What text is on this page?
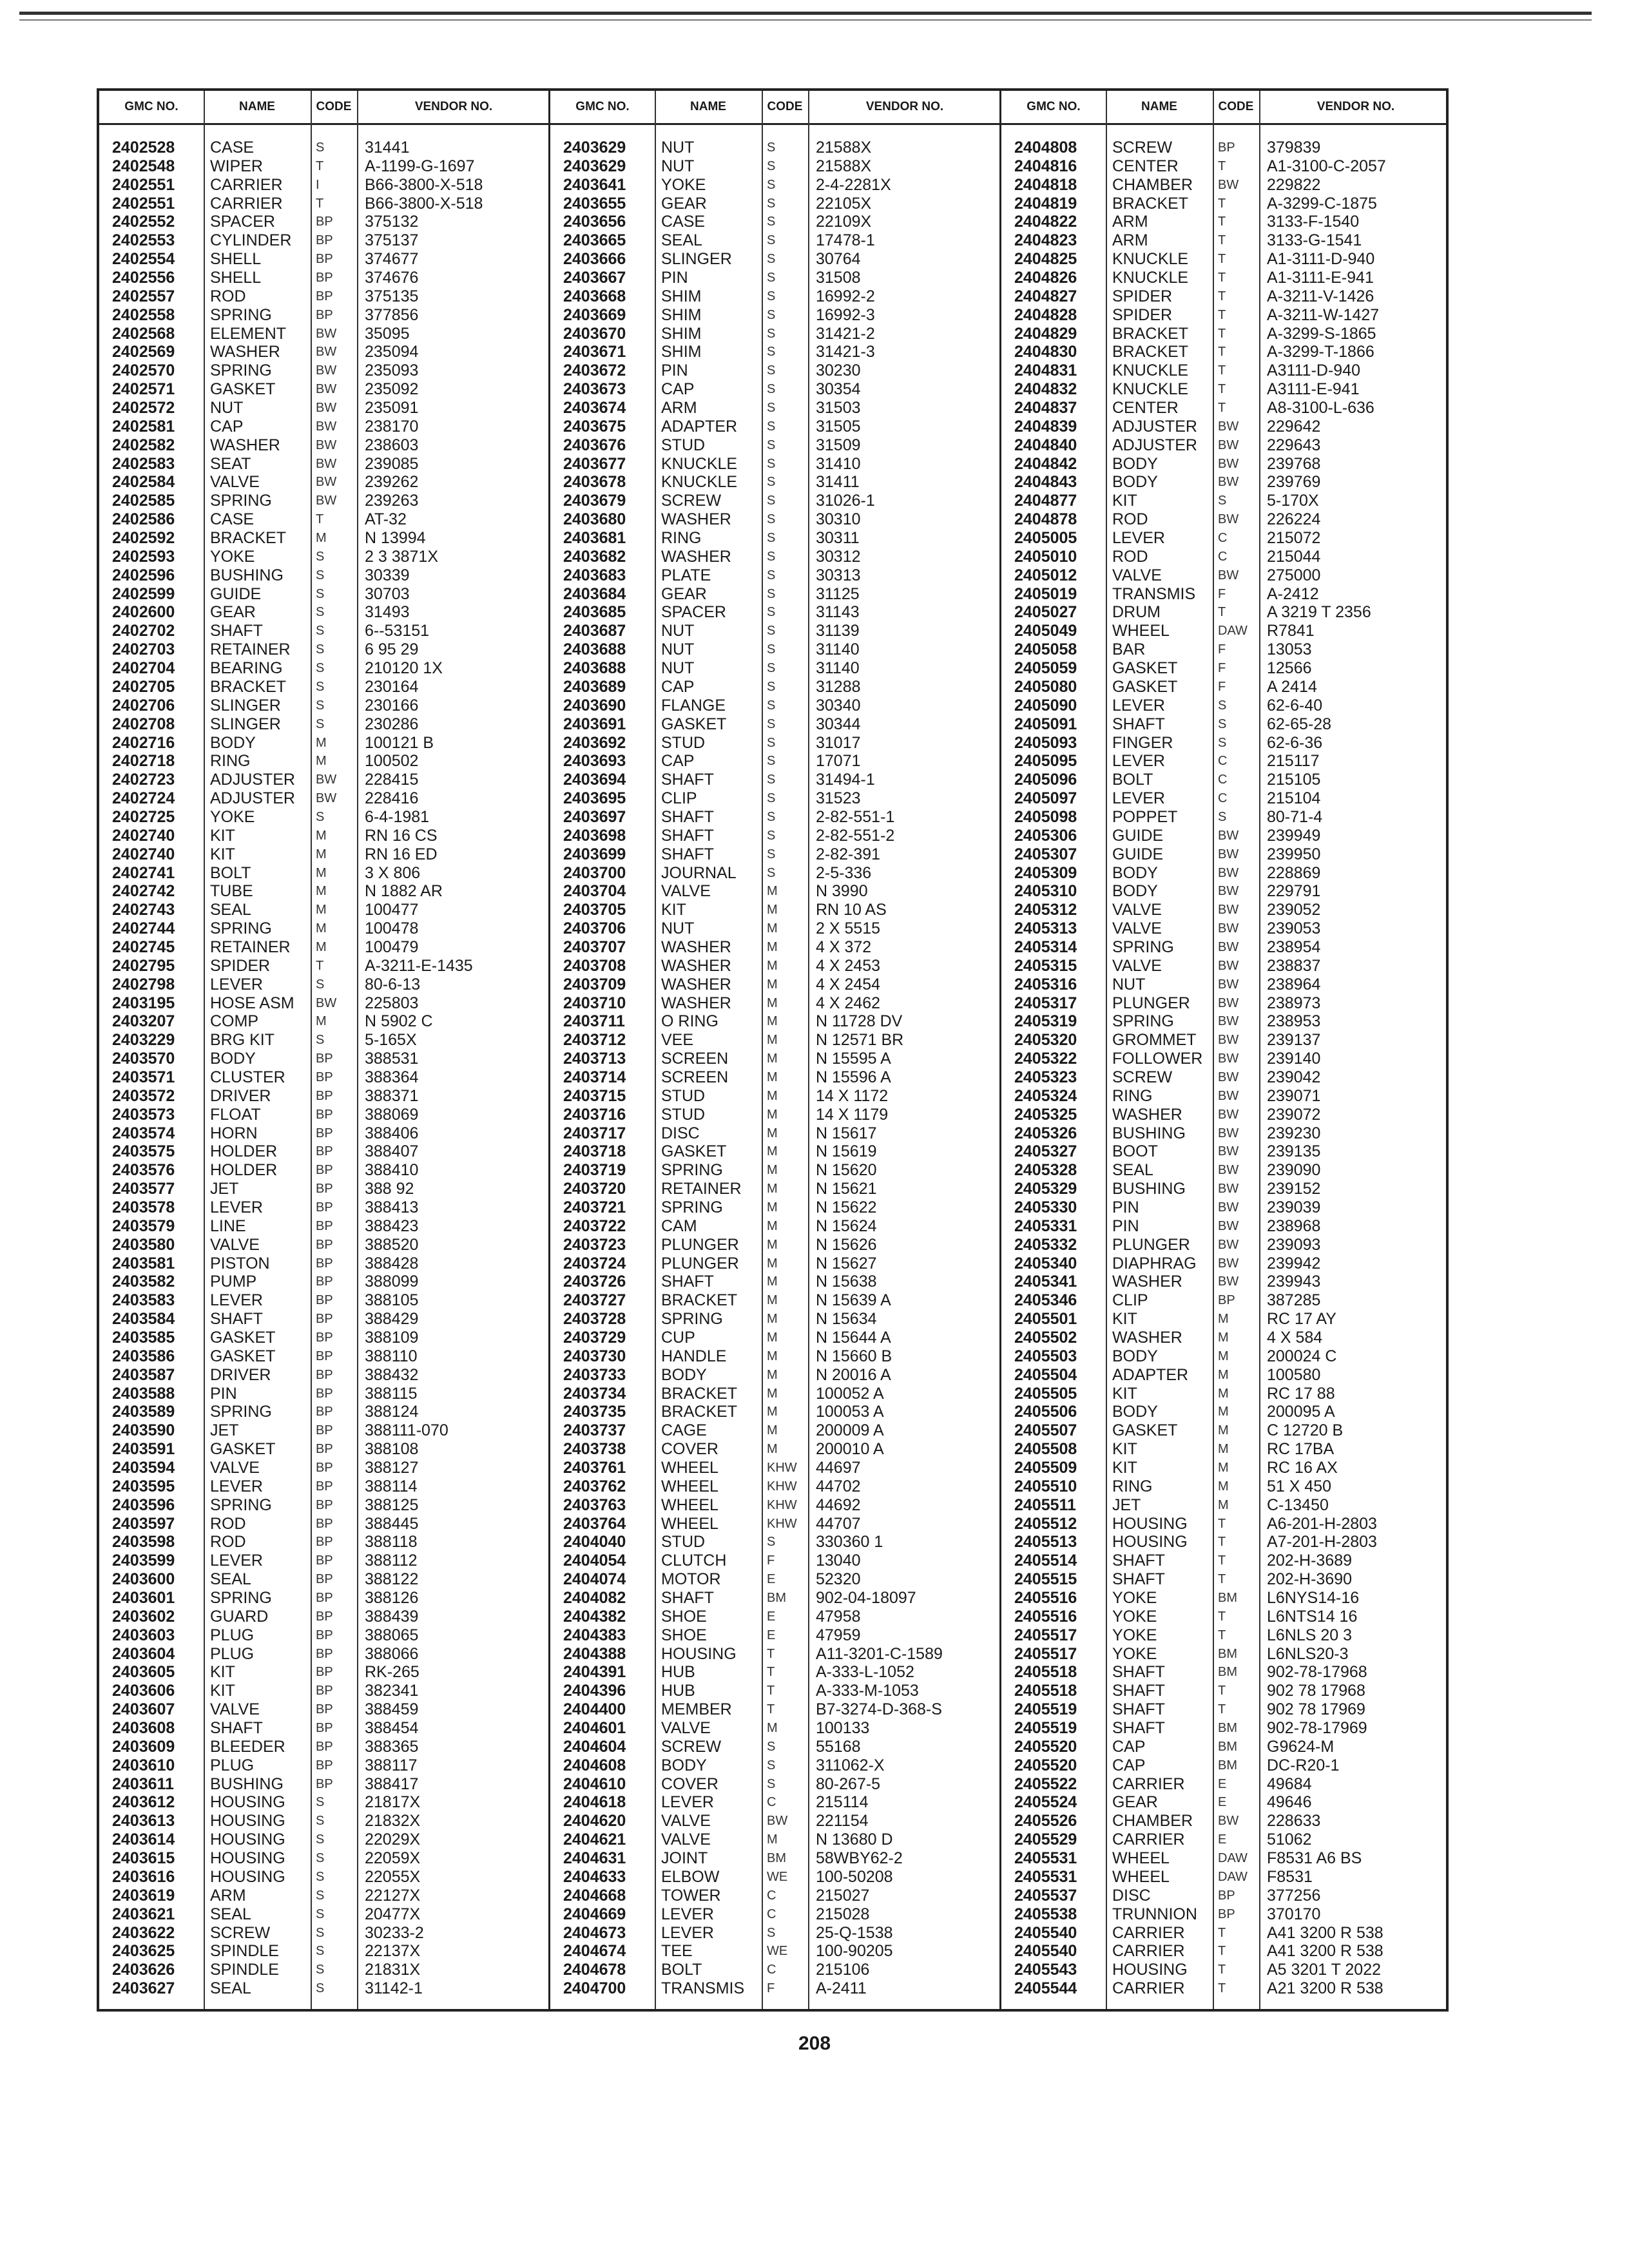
GMC NO.	NAME	CODE	VENDOR NO.
2402528	CASE	S	31441
2402548	WIPER	T	A-1199-G-1697
2402551	CARRIER	I	B66-3800-X-518
2402551	CARRIER	T	B66-3800-X-518
2402552	SPACER	BP	375132
2402553	CYLINDER	BP	375137
2402554	SHELL	BP	374677
2402556	SHELL	BP	374676
2402557	ROD	BP	375135
2402558	SPRING	BP	377856
2402568	ELEMENT	BW	35095
2402569	WASHER	BW	235094
2402570	SPRING	BW	235093
2402571	GASKET	BW	235092
2402572	NUT	BW	235091
2402581	CAP	BW	238170
2402582	WASHER	BW	238603
2402583	SEAT	BW	239085
2402584	VALVE	BW	239262
2402585	SPRING	BW	239263
2402586	CASE	T	AT-32
2402592	BRACKET	M	N 13994
2402593	YOKE	S	2 3 3871X
2402596	BUSHING	S	30339
2402599	GUIDE	S	30703
2402600	GEAR	S	31493
2402702	SHAFT	S	6--53151
2402703	RETAINER	S	6 95 29
2402704	BEARING	S	210120 1X
2402705	BRACKET	S	230164
2402706	SLINGER	S	230166
2402708	SLINGER	S	230286
2402716	BODY	M	100121 B
2402718	RING	M	100502
2402723	ADJUSTER	BW	228415
2402724	ADJUSTER	BW	228416
2402725	YOKE	S	6-4-1981
2402740	KIT	M	RN 16 CS
2402740	KIT	M	RN 16 ED
2402741	BOLT	M	3 X 806
2402742	TUBE	M	N 1882 AR
2402743	SEAL	M	100477
2402744	SPRING	M	100478
2402745	RETAINER	M	100479
2402795	SPIDER	T	A-3211-E-1435
2402798	LEVER	S	80-6-13
2403195	HOSE ASM	BW	225803
2403207	COMP	M	N 5902 C
2403229	BRG KIT	S	5-165X
2403570	BODY	BP	388531
2403571	CLUSTER	BP	388364
2403572	DRIVER	BP	388371
2403573	FLOAT	BP	388069
2403574	HORN	BP	388406
2403575	HOLDER	BP	388407
2403576	HOLDER	BP	388410
2403577	JET	BP	388 92
2403578	LEVER	BP	388413
2403579	LINE	BP	388423
2403580	VALVE	BP	388520
2403581	PISTON	BP	388428
2403582	PUMP	BP	388099
2403583	LEVER	BP	388105
2403584	SHAFT	BP	388429
2403585	GASKET	BP	388109
2403586	GASKET	BP	388110
2403587	DRIVER	BP	388432
2403588	PIN	BP	388115
2403589	SPRING	BP	388124
2403590	JET	BP	388111-070
2403591	GASKET	BP	388108
2403594	VALVE	BP	388127
2403595	LEVER	BP	388114
2403596	SPRING	BP	388125
2403597	ROD	BP	388445
2403598	ROD	BP	388118
2403599	LEVER	BP	388112
2403600	SEAL	BP	388122
2403601	SPRING	BP	388126
2403602	GUARD	BP	388439
2403603	PLUG	BP	388065
2403604	PLUG	BP	388066
2403605	KIT	BP	RK-265
2403606	KIT	BP	382341
2403607	VALVE	BP	388459
2403608	SHAFT	BP	388454
2403609	BLEEDER	BP	388365
2403610	PLUG	BP	388117
2403611	BUSHING	BP	388417
2403612	HOUSING	S	21817X
2403613	HOUSING	S	21832X
2403614	HOUSING	S	22029X
2403615	HOUSING	S	22059X
2403616	HOUSING	S	22055X
2403619	ARM	S	22127X
2403621	SEAL	S	20477X
2403622	SCREW	S	30233-2
2403625	SPINDLE	S	22137X
2403626	SPINDLE	S	21831X
2403627	SEAL	S	31142-1
GMC NO.	NAME	CODE	VENDOR NO.
2403629	NUT	S	21588X
2403629	NUT	S	21588X
2403641	YOKE	S	2-4-2281X
2403655	GEAR	S	22105X
2403656	CASE	S	22109X
2403665	SEAL	S	17478-1
2403666	SLINGER	S	30764
2403667	PIN	S	31508
2403668	SHIM	S	16992-2
2403669	SHIM	S	16992-3
2403670	SHIM	S	31421-2
2403671	SHIM	S	31421-3
2403672	PIN	S	30230
2403673	CAP	S	30354
2403674	ARM	S	31503
2403675	ADAPTER	S	31505
2403676	STUD	S	31509
2403677	KNUCKLE	S	31410
2403678	KNUCKLE	S	31411
2403679	SCREW	S	31026-1
2403680	WASHER	S	30310
2403681	RING	S	30311
2403682	WASHER	S	30312
2403683	PLATE	S	30313
2403684	GEAR	S	31125
2403685	SPACER	S	31143
2403687	NUT	S	31139
2403688	NUT	S	31140
2403688	NUT	S	31140
2403689	CAP	S	31288
2403690	FLANGE	S	30340
2403691	GASKET	S	30344
2403692	STUD	S	31017
2403693	CAP	S	17071
2403694	SHAFT	S	31494-1
2403695	CLIP	S	31523
2403697	SHAFT	S	2-82-551-1
2403698	SHAFT	S	2-82-551-2
2403699	SHAFT	S	2-82-391
2403700	JOURNAL	S	2-5-336
2403704	VALVE	M	N 3990
2403705	KIT	M	RN 10 AS
2403706	NUT	M	2 X 5515
2403707	WASHER	M	4 X 372
2403708	WASHER	M	4 X 2453
2403709	WASHER	M	4 X 2454
2403710	WASHER	M	4 X 2462
2403711	O RING	M	N 11728 DV
2403712	VEE	M	N 12571 BR
2403713	SCREEN	M	N 15595 A
2403714	SCREEN	M	N 15596 A
2403715	STUD	M	14 X 1172
2403716	STUD	M	14 X 1179
2403717	DISC	M	N 15617
2403718	GASKET	M	N 15619
2403719	SPRING	M	N 15620
2403720	RETAINER	M	N 15621
2403721	SPRING	M	N 15622
2403722	CAM	M	N 15624
2403723	PLUNGER	M	N 15626
2403724	PLUNGER	M	N 15627
2403726	SHAFT	M	N 15638
2403727	BRACKET	M	N 15639 A
2403728	SPRING	M	N 15634
2403729	CUP	M	N 15644 A
2403730	HANDLE	M	N 15660 B
2403733	BODY	M	N 20016 A
2403734	BRACKET	M	100052 A
2403735	BRACKET	M	100053 A
2403737	CAGE	M	200009 A
2403738	COVER	M	200010 A
2403761	WHEEL	KHW	44697
2403762	WHEEL	KHW	44702
2403763	WHEEL	KHW	44692
2403764	WHEEL	KHW	44707
2404040	STUD	S	330360 1
2404054	CLUTCH	F	13040
2404074	MOTOR	E	52320
2404082	SHAFT	BM	902-04-18097
2404382	SHOE	E	47958
2404383	SHOE	E	47959
2404388	HOUSING	T	A11-3201-C-1589
2404391	HUB	T	A-333-L-1052
2404396	HUB	T	A-333-M-1053
2404400	MEMBER	T	B7-3274-D-368-S
2404601	VALVE	M	100133
2404604	SCREW	S	55168
2404608	BODY	S	311062-X
2404610	COVER	S	80-267-5
2404618	LEVER	C	215114
2404620	VALVE	BW	221154
2404621	VALVE	M	N 13680 D
2404631	JOINT	BM	58WBY62-2
2404633	ELBOW	WE	100-50208
2404668	TOWER	C	215027
2404669	LEVER	C	215028
2404673	LEVER	S	25-Q-1538
2404674	TEE	WE	100-90205
2404678	BOLT	C	215106
2404700	TRANSMIS	F	A-2411
GMC NO.	NAME	CODE	VENDOR NO.
2404808	SCREW	BP	379839
2404816	CENTER	T	A1-3100-C-2057
2404818	CHAMBER	BW	229822
2404819	BRACKET	T	A-3299-C-1875
2404822	ARM	T	3133-F-1540
2404823	ARM	T	3133-G-1541
2404825	KNUCKLE	T	A1-3111-D-940
2404826	KNUCKLE	T	A1-3111-E-941
2404827	SPIDER	T	A-3211-V-1426
2404828	SPIDER	T	A-3211-W-1427
2404829	BRACKET	T	A-3299-S-1865
2404830	BRACKET	T	A-3299-T-1866
2404831	KNUCKLE	T	A3111-D-940
2404832	KNUCKLE	T	A3111-E-941
2404837	CENTER	T	A8-3100-L-636
2404839	ADJUSTER	BW	229642
2404840	ADJUSTER	BW	229643
2404842	BODY	BW	239768
2404843	BODY	BW	239769
2404877	KIT	S	5-170X
2404878	ROD	BW	226224
2405005	LEVER	C	215072
2405010	ROD	C	215044
2405012	VALVE	BW	275000
2405019	TRANSMIS	F	A-2412
2405027	DRUM	T	A 3219 T 2356
2405049	WHEEL	DAW	R7841
2405058	BAR	F	13053
2405059	GASKET	F	12566
2405080	GASKET	F	A 2414
2405090	LEVER	S	62-6-40
2405091	SHAFT	S	62-65-28
2405093	FINGER	S	62-6-36
2405095	LEVER	C	215117
2405096	BOLT	C	215105
2405097	LEVER	C	215104
2405098	POPPET	S	80-71-4
2405306	GUIDE	BW	239949
2405307	GUIDE	BW	239950
2405309	BODY	BW	228869
2405310	BODY	BW	229791
2405312	VALVE	BW	239052
2405313	VALVE	BW	239053
2405314	SPRING	BW	238954
2405315	VALVE	BW	238837
2405316	NUT	BW	238964
2405317	PLUNGER	BW	238973
2405319	SPRING	BW	238953
2405320	GROMMET	BW	239137
2405322	FOLLOWER	BW	239140
2405323	SCREW	BW	239042
2405324	RING	BW	239071
2405325	WASHER	BW	239072
2405326	BUSHING	BW	239230
2405327	BOOT	BW	239135
2405328	SEAL	BW	239090
2405329	BUSHING	BW	239152
2405330	PIN	BW	239039
2405331	PIN	BW	238968
2405332	PLUNGER	BW	239093
2405340	DIAPHRAG	BW	239942
2405341	WASHER	BW	239943
2405346	CLIP	BP	387285
2405501	KIT	M	RC 17 AY
2405502	WASHER	M	4 X 584
2405503	BODY	M	200024 C
2405504	ADAPTER	M	100580
2405505	KIT	M	RC 17 88
2405506	BODY	M	200095 A
2405507	GASKET	M	C 12720 B
2405508	KIT	M	RC 17BA
2405509	KIT	M	RC 16 AX
2405510	RING	M	51 X 450
2405511	JET	M	C-13450
2405512	HOUSING	T	A6-201-H-2803
2405513	HOUSING	T	A7-201-H-2803
2405514	SHAFT	T	202-H-3689
2405515	SHAFT	T	202-H-3690
2405516	YOKE	BM	L6NYS14-16
2405516	YOKE	T	L6NTS14 16
2405517	YOKE	T	L6NLS 20 3
2405517	YOKE	BM	L6NLS20-3
2405518	SHAFT	BM	902-78-17968
2405518	SHAFT	T	902 78 17968
2405519	SHAFT	T	902 78 17969
2405519	SHAFT	BM	902-78-17969
2405520	CAP	BM	G9624-M
2405520	CAP	BM	DC-R20-1
2405522	CARRIER	E	49684
2405524	GEAR	E	49646
2405526	CHAMBER	BW	228633
2405529	CARRIER	E	51062
2405531	WHEEL	DAW	F8531 A6 BS
2405531	WHEEL	DAW	F8531
2405537	DISC	BP	377256
2405538	TRUNNION	BP	370170
2405540	CARRIER	T	A41 3200 R 538
2405540	CARRIER	T	A41 3200 R 538
2405543	HOUSING	T	A5 3201 T 2022
2405544	CARRIER	T	A21 3200 R 538
208
